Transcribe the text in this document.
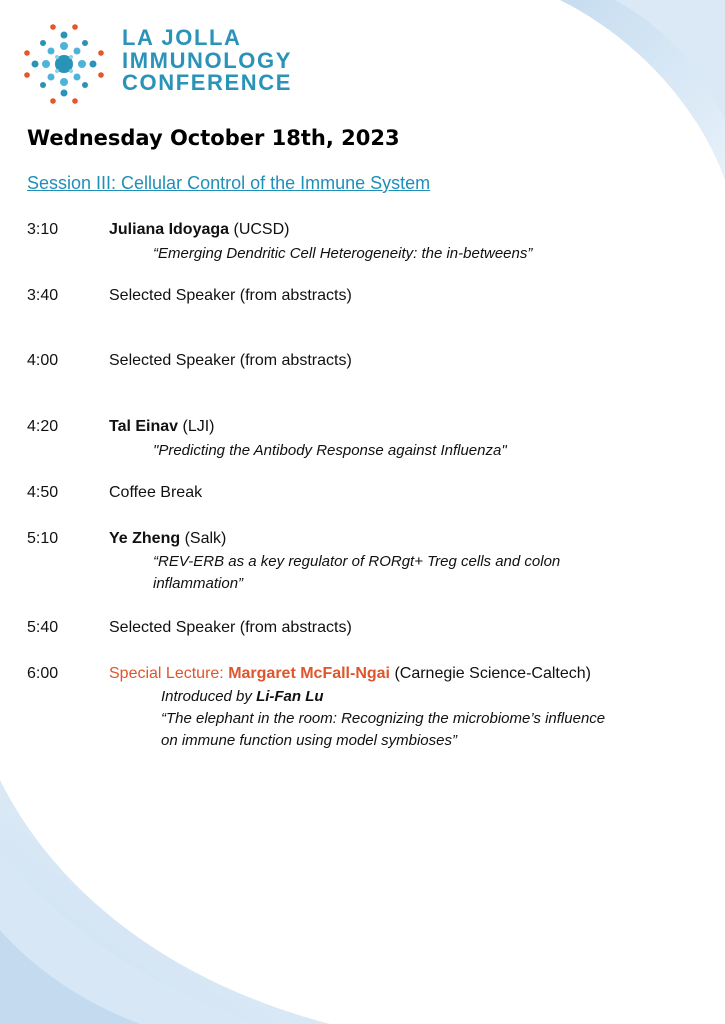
LA JOLLA
IMMUNOLOGY
CONFERENCE
Wednesday October 18th, 2023
Session III: Cellular Control of the Immune System
3:10	Juliana Idoyaga (UCSD)
“Emerging Dendritic Cell Heterogeneity: the in-betweens”
3:40	Selected Speaker (from abstracts)
4:00	Selected Speaker (from abstracts)
4:20	Tal Einav (LJI)
"Predicting the Antibody Response against Influenza"
4:50	Coffee Break
5:10	Ye Zheng (Salk)
“REV-ERB as a key regulator of RORgt+ Treg cells and colon
inflammation”
5:40	Selected Speaker (from abstracts)
6:00	Special Lecture: Margaret McFall-Ngai (Carnegie Science-Caltech)
Introduced by Li-Fan Lu
“The elephant in the room: Recognizing the microbiome’s influence
on immune function using model symbioses”
